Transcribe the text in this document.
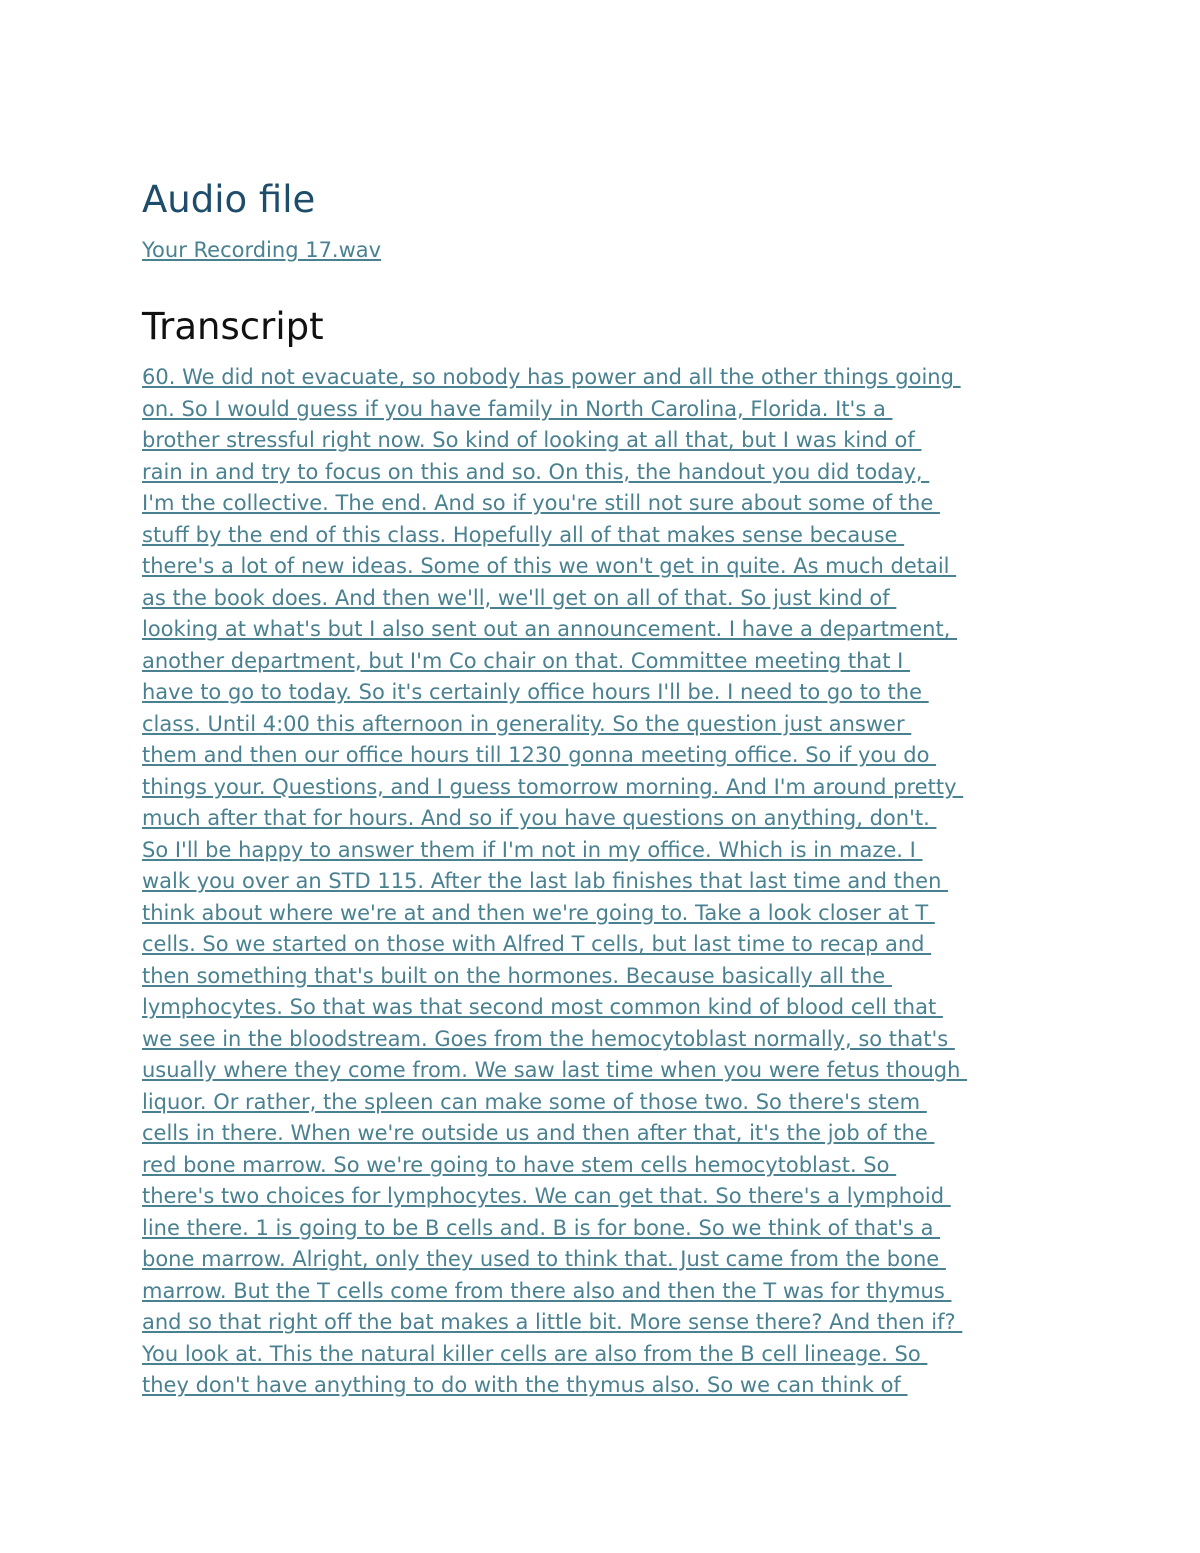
Audio file
Your Recording 17.wav
Transcript
60. We did not evacuate, so nobody has power and all the other things going
on. So I would guess if you have family in North Carolina, Florida. It's a
brother stressful right now. So kind of looking at all that, but I was kind of
rain in and try to focus on this and so. On this, the handout you did today,
I'm the collective. The end. And so if you're still not sure about some of the
stuff by the end of this class. Hopefully all of that makes sense because
there's a lot of new ideas. Some of this we won't get in quite. As much detail
as the book does. And then we'll, we'll get on all of that. So just kind of
looking at what's but I also sent out an announcement. I have a department,
another department, but I'm Co chair on that. Committee meeting that I
have to go to today. So it's certainly office hours I'll be. I need to go to the
class. Until 4:00 this afternoon in generality. So the question just answer
them and then our office hours till 1230 gonna meeting office. So if you do
things your. Questions, and I guess tomorrow morning. And I'm around pretty
much after that for hours. And so if you have questions on anything, don't.
So I'll be happy to answer them if I'm not in my office. Which is in maze. I
walk you over an STD 115. After the last lab finishes that last time and then
think about where we're at and then we're going to. Take a look closer at T
cells. So we started on those with Alfred T cells, but last time to recap and
then something that's built on the hormones. Because basically all the
lymphocytes. So that was that second most common kind of blood cell that
we see in the bloodstream. Goes from the hemocytoblast normally, so that's
usually where they come from. We saw last time when you were fetus though
liquor. Or rather, the spleen can make some of those two. So there's stem
cells in there. When we're outside us and then after that, it's the job of the
red bone marrow. So we're going to have stem cells hemocytoblast. So
there's two choices for lymphocytes. We can get that. So there's a lymphoid
line there. 1 is going to be B cells and. B is for bone. So we think of that's a
bone marrow. Alright, only they used to think that. Just came from the bone
marrow. But the T cells come from there also and then the T was for thymus
and so that right off the bat makes a little bit. More sense there? And then if?
You look at. This the natural killer cells are also from the B cell lineage. So
they don't have anything to do with the thymus also. So we can think of
